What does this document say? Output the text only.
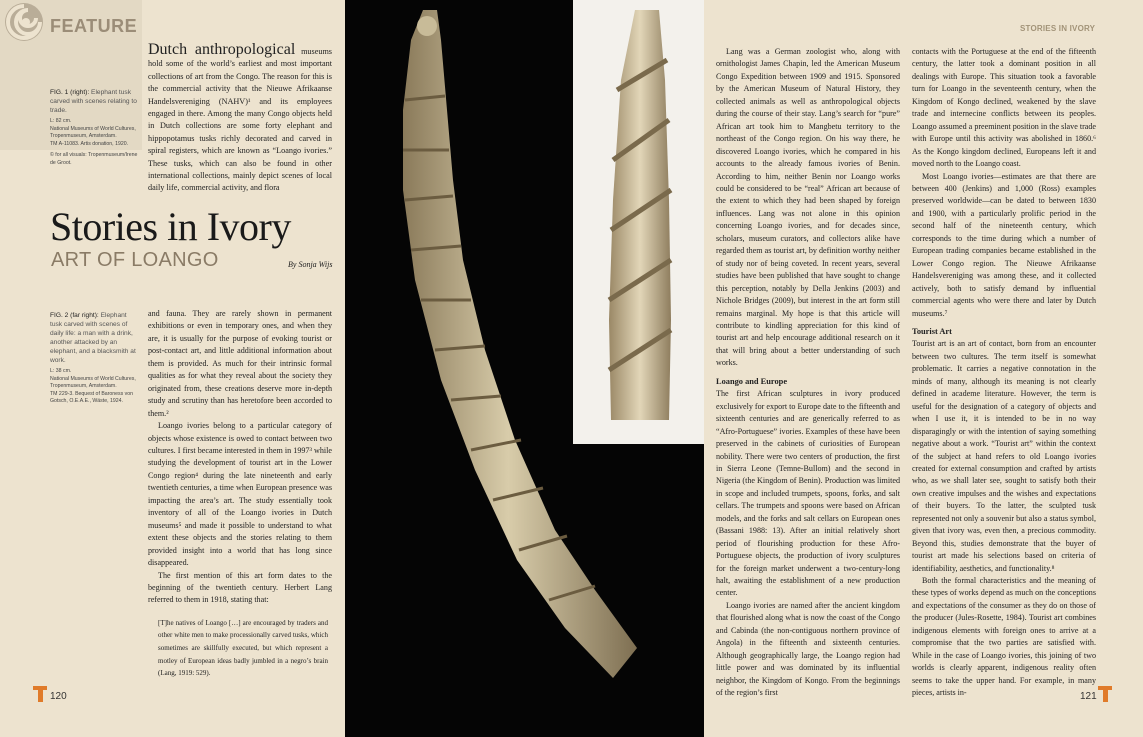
FEATURE
FIG. 1 (right): Elephant tusk carved with scenes relating to trade.
L: 82 cm.
National Museums of World Cultures, Tropenmuseum, Amsterdam.
TM A-11083. Artis donation, 1920.
© for all visuals: Tropenmuseum/Irene de Groot.
Dutch anthropological museums hold some of the world’s earliest and most important collections of art from the Congo. The reason for this is the commercial activity that the Nieuwe Afrikaanse Handelsvereniging (NAHV)¹ and its employees engaged in there. Among the many Congo objects held in Dutch collections are some forty elephant and hippopotamus tusks richly decorated and carved in spiral registers, which are known as “Loango ivories.” These tusks, which can also be found in other international collections, mainly depict scenes of local daily life, commercial activity, and flora
Stories in Ivory
ART OF LOANGO	By Sonja Wijs
FIG. 2 (far right): Elephant tusk carved with scenes of daily life: a man with a drink, another attacked by an elephant, and a blacksmith at work.
L: 38 cm.
National Museums of World Cultures, Tropenmuseum, Amsterdam.
TM 229-3. Bequest of Baroness von Gotsch, O.E.A.E., Wäste, 1924.

and fauna. They are rarely shown in permanent exhibitions or even in temporary ones, and when they are, it is usually for the purpose of evoking tourist or post-contact art, and little additional information about them is provided. As much for their intrinsic formal qualities as for what they reveal about the society they originated from, these creations deserve more in-depth study and scrutiny than has heretofore been accorded to them.²

Loango ivories belong to a particular category of objects whose existence is owed to contact between two cultures. I first became interested in them in 1997³ while studying the development of tourist art in the Lower Congo region⁴ during the late nineteenth and early twentieth centuries, a time when European presence was impacting the area’s art. The study essentially took inventory of all of the Loango ivories in Dutch museums⁵ and made it possible to understand to what extent these objects and the stories relating to them provided insight into a world that has long since disappeared.

The first mention of this art form dates to the beginning of the twentieth century. Herbert Lang referred to them in 1918, stating that:

[T]he natives of Loango […] are encouraged by traders and other white men to make processionally carved tusks, which sometimes are skillfully executed, but which represent a motley of European ideas badly jumbled in a negro’s brain (Lang, 1919: 529).

120
STORIES IN IVORY

Lang was a German zoologist who, along with ornithologist James Chapin, led the American Museum Congo Expedition between 1909 and 1915. Sponsored by the American Museum of Natural History, they collected animals as well as anthropological objects during the course of their stay. Lang’s search for “pure” African art took him to Mangbetu territory to the northeast of the Congo region. On his way there, he discovered Loango ivories, which he compared in his accounts to the already famous ivories of Benin. According to him, neither Benin nor Loango works could be considered to be “real” African art because of the extent to which they had been shaped by foreign influences. Lang was not alone in this opinion concerning Loango ivories, and for decades since, scholars, museum curators, and collectors alike have regarded them as tourist art, by definition worthy neither of study nor of being coveted. In recent years, several studies have been published that have sought to change this perception, notably by Della Jenkins (2003) and Nichole Bridges (2009), but interest in the art form still remains marginal. My hope is that this article will contribute to kindling appreciation for this kind of tourist art and help encourage additional research on it that will bring about a better understanding of such works.

Loango and Europe

The first African sculptures in ivory produced exclusively for export to Europe date to the fifteenth and sixteenth centuries and are generically referred to as “Afro-Portuguese” ivories. Examples of these have been preserved in the cabinets of curiosities of European nobility. There were two centers of production, the first in Sierra Leone (Temne-Bullom) and the second in Nigeria (the Kingdom of Benin). Production was limited in scope and included trumpets, spoons, forks, and salt cellars. The trumpets and spoons were based on African models, and the forks and salt cellars on European ones (Bassani 1988: 13). After an initial relatively short period of flourishing production for these Afro-Portuguese objects, the production of ivory sculptures for the foreign market underwent a two-century-long halt, awaiting the establishment of a new production center.

Loango ivories are named after the ancient kingdom that flourished along what is now the coast of the Congo and Cabinda (the non-contiguous northern province of Angola) in the fifteenth and sixteenth centuries. Although geographically large, the Loango region had little power and was dominated by its influential neighbor, the Kingdom of Kongo. From the beginnings of the region’s first

contacts with the Portuguese at the end of the fifteenth century, the latter took a dominant position in all dealings with Europe. This situation took a favorable turn for Loango in the seventeenth century, when the Kingdom of Kongo declined, weakened by the slave trade and internecine conflicts between its peoples. Loango assumed a preeminent position in the slave trade with Europe until this activity was abolished in 1860.⁶ As the Kongo kingdom declined, Europeans left it and moved north to the Loango coast.

Most Loango ivories—estimates are that there are between 400 (Jenkins) and 1,000 (Ross) examples preserved worldwide—can be dated to between 1830 and 1900, with a particularly prolific period in the second half of the nineteenth century, which corresponds to the time during which a number of European trading companies became established in the Lower Congo region. The Nieuwe Afrikaanse Handelsvereniging was among these, and it collected actively, both to satisfy demand by influential commercial agents who were there and later by Dutch museums.⁷

Tourist Art

Tourist art is an art of contact, born from an encounter between two cultures. The term itself is somewhat problematic. It carries a negative connotation in the minds of many, although its meaning is not clearly defined in academe literature. However, the term is useful for the designation of a category of objects and when I use it, it is intended to be in no way disparagingly or with the intention of saying something negative about a work. “Tourist art” within the context of the subject at hand refers to old Loango ivories created for external consumption and crafted by artists who, as we shall later see, sought to satisfy both their own creative impulses and the wishes and expectations of their buyers. To the latter, the sculpted tusk represented not only a souvenir but also a status symbol, given that ivory was, even then, a precious commodity. Beyond this, studies demonstrate that the buyer of tourist art made his selections based on criteria of identifiability, aesthetics, and functionality.⁸

Both the formal characteristics and the meaning of these types of works depend as much on the conceptions and expectations of the consumer as they do on those of the producer (Jules-Rosette, 1984). Tourist art combines indigenous elements with foreign ones to arrive at a compromise that the two parties are satisfied with. While in the case of Loango ivories, this joining of two worlds is clearly apparent, indigenous reality often seems to take the upper hand. For example, in many pieces, artists in-	121
